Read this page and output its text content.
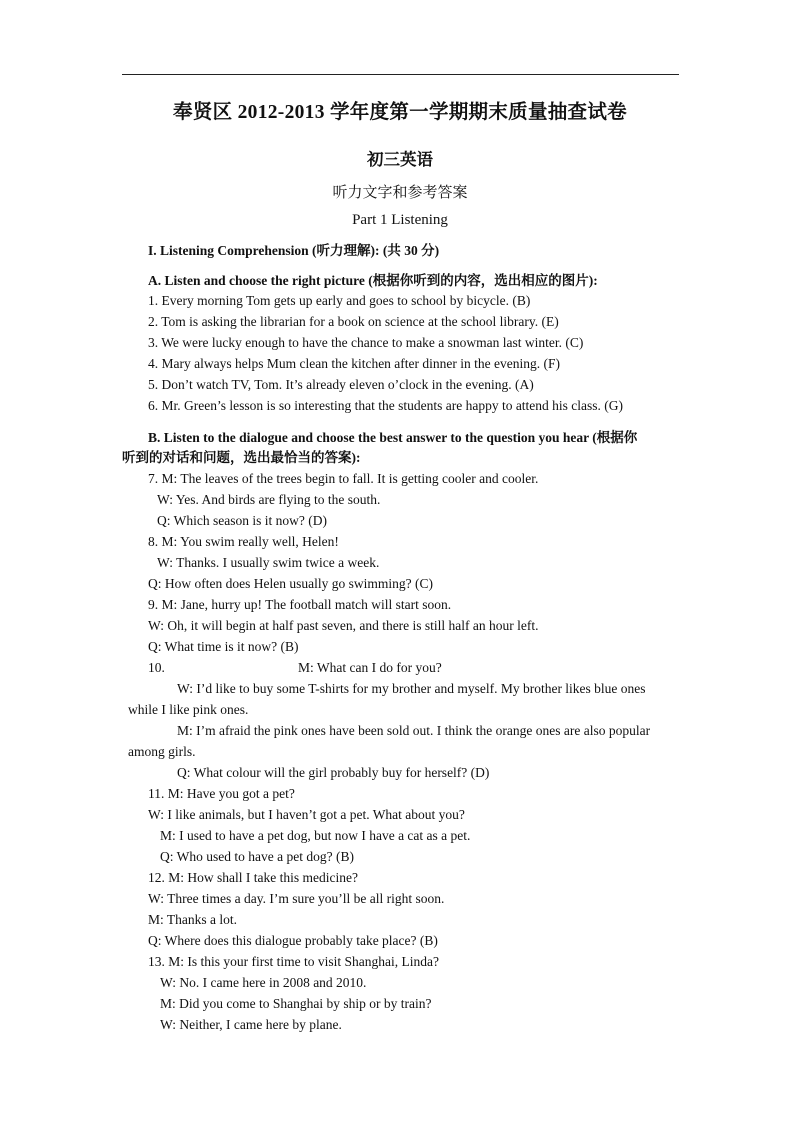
奉贤区 2012-2013 学年度第一学期期末质量抽查试卷
初三英语
听力文字和参考答案
Part 1 Listening
I. Listening Comprehension (听力理解): (共 30 分)
A. Listen and choose the right picture (根据你听到的内容，选出相应的图片):
1. Every morning Tom gets up early and goes to school by bicycle. (B)
2. Tom is asking the librarian for a book on science at the school library. (E)
3. We were lucky enough to have the chance to make a snowman last winter. (C)
4. Mary always helps Mum clean the kitchen after dinner in the evening. (F)
5. Don’t watch TV, Tom. It’s already eleven o’clock in the evening. (A)
6. Mr. Green’s lesson is so interesting that the students are happy to attend his class. (G)
B. Listen to the dialogue and choose the best answer to the question you hear (根据你
听到的对话和问题，选出最恰当的答案):
7. M: The leaves of the trees begin to fall. It is getting cooler and cooler.
W: Yes. And birds are flying to the south.
Q: Which season is it now? (D)
8. M: You swim really well, Helen!
W: Thanks. I usually swim twice a week.
Q: How often does Helen usually go swimming? (C)
9. M: Jane, hurry up! The football match will start soon.
W: Oh, it will begin at half past seven, and there is still half an hour left.
Q: What time is it now? (B)
10.	M: What can I do for you?
W: I’d like to buy some T-shirts for my brother and myself. My brother likes blue ones
while I like pink ones.
M: I’m afraid the pink ones have been sold out. I think the orange ones are also popular
among girls.
Q: What colour will the girl probably buy for herself? (D)
11. M: Have you got a pet?
W: I like animals, but I haven’t got a pet. What about you?
M: I used to have a pet dog, but now I have a cat as a pet.
Q: Who used to have a pet dog? (B)
12. M: How shall I take this medicine?
W: Three times a day. I’m sure you’ll be all right soon.
M: Thanks a lot.
Q: Where does this dialogue probably take place? (B)
13. M: Is this your first time to visit Shanghai, Linda?
W: No. I came here in 2008 and 2010.
M: Did you come to Shanghai by ship or by train?
W: Neither, I came here by plane.
